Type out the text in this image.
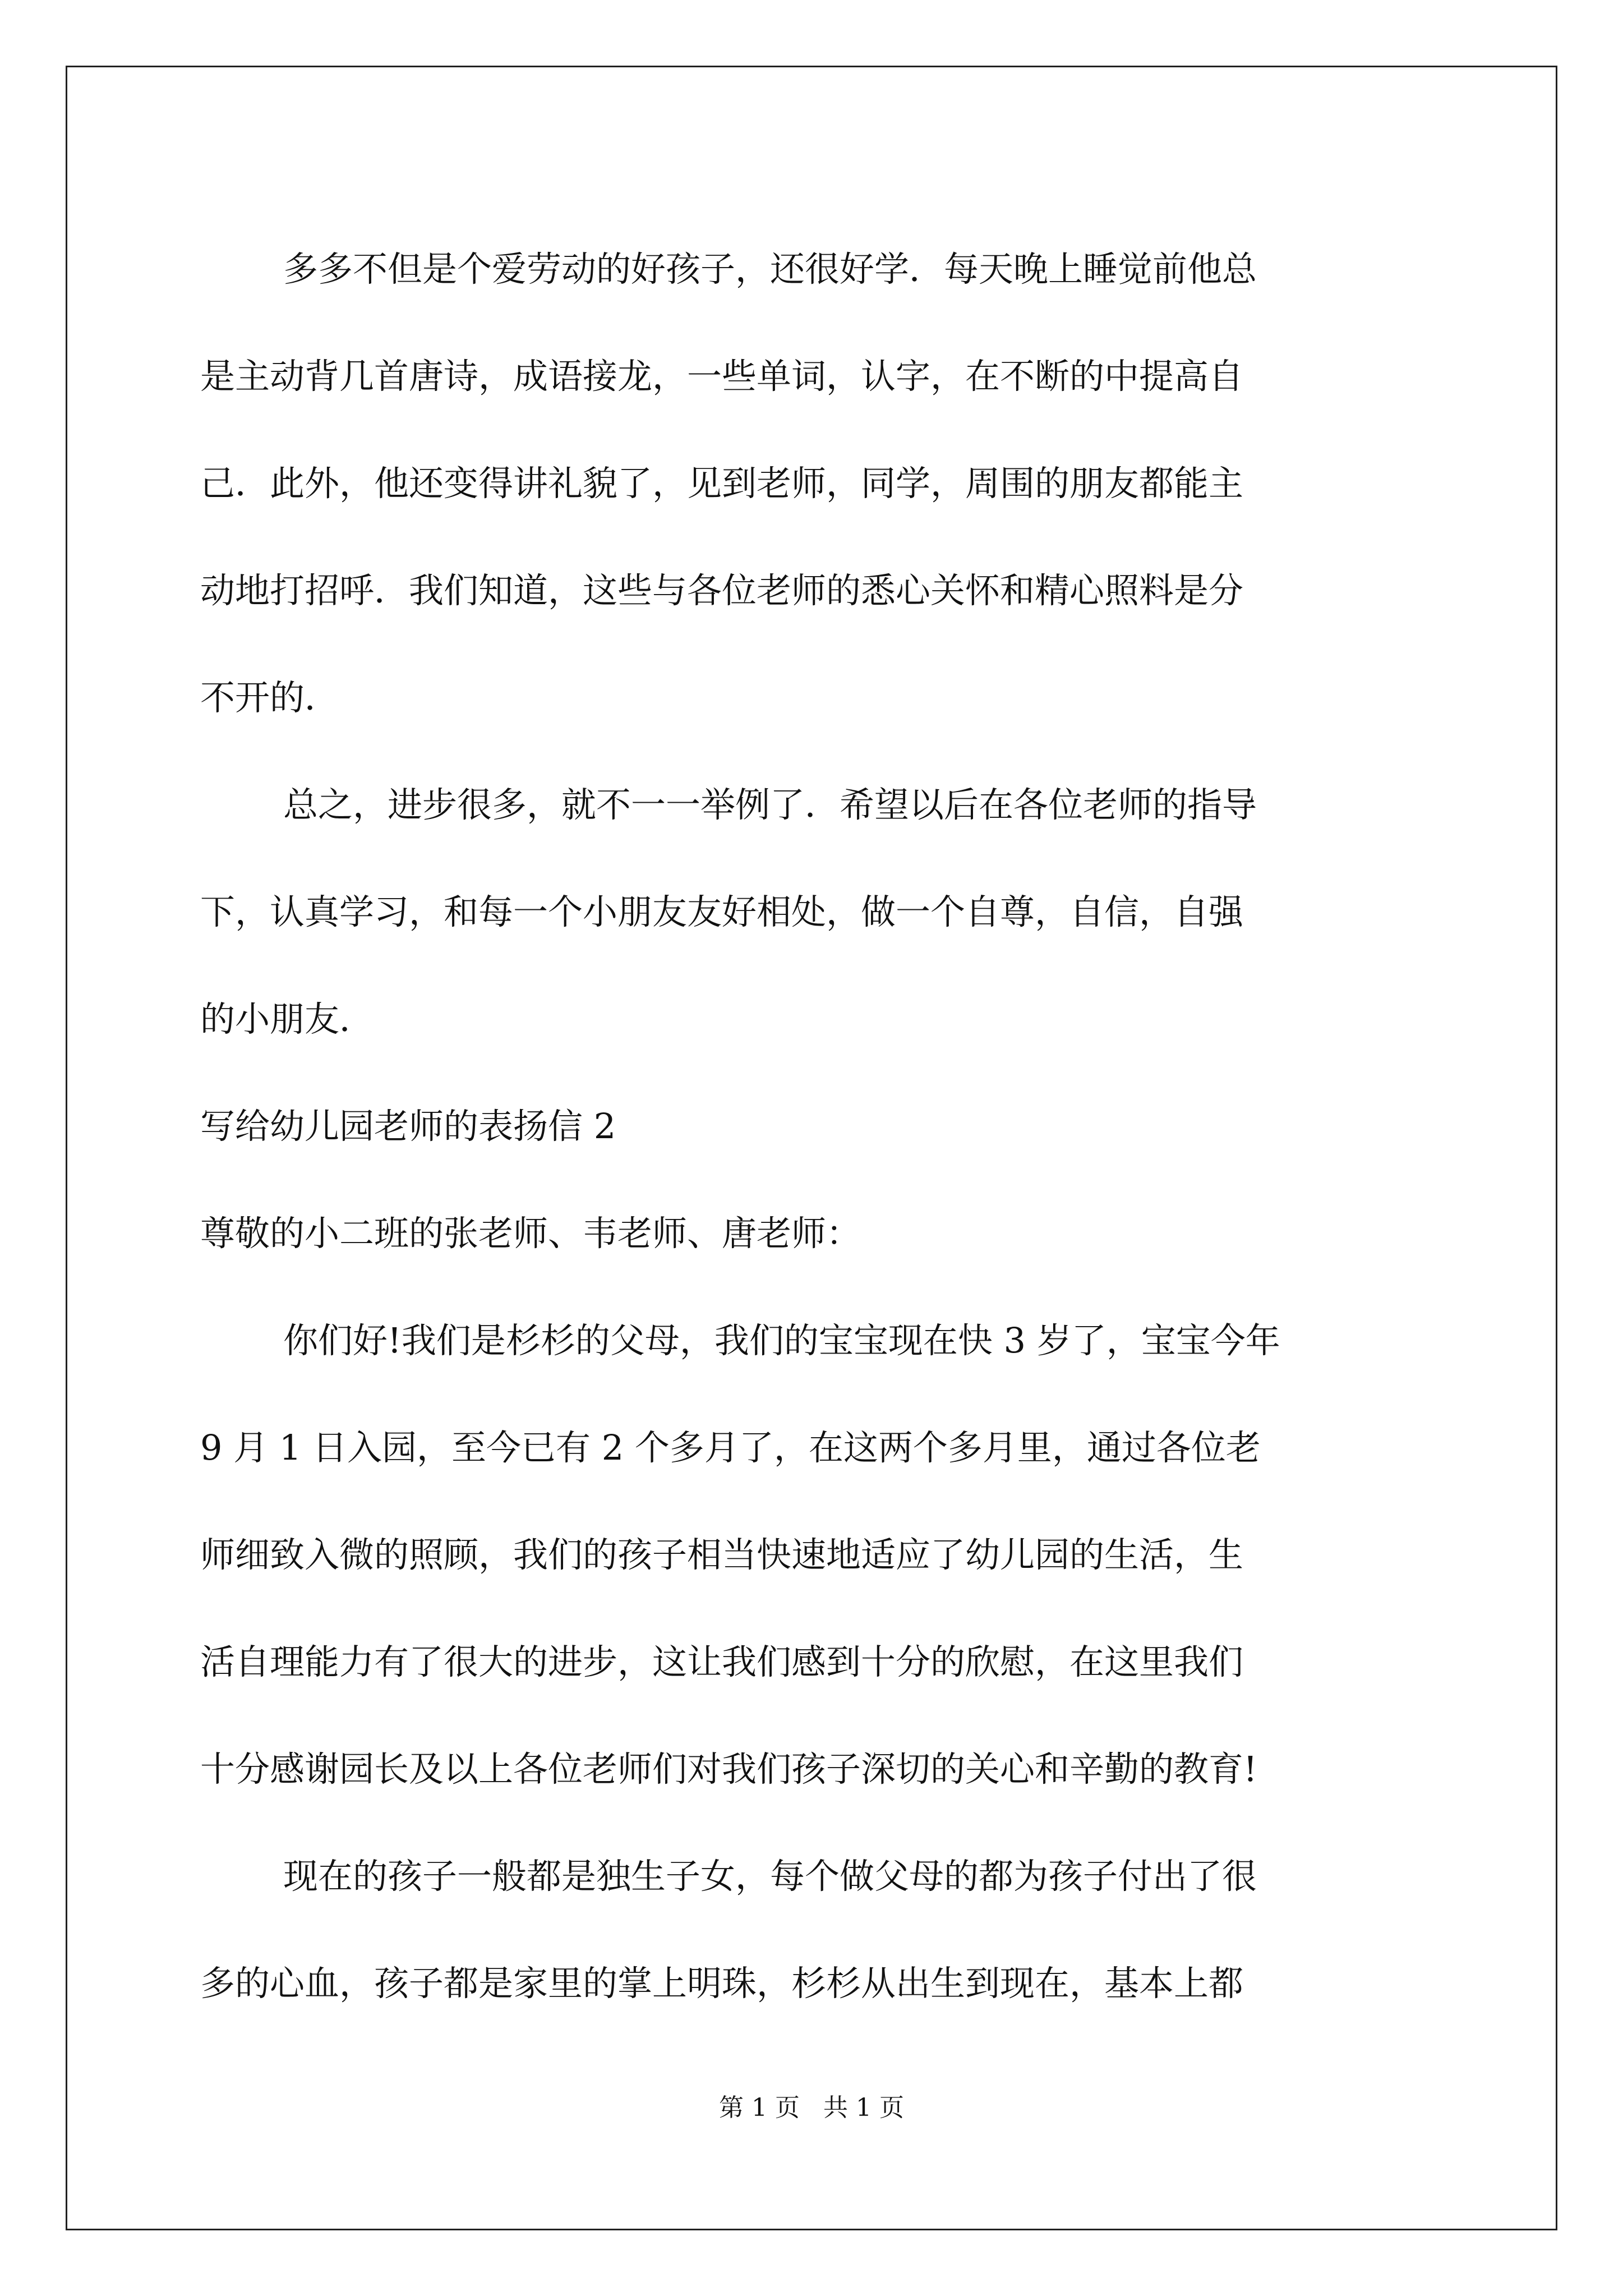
多多不但是个爱劳动的好孩子，还很好学．每天晚上睡觉前他总
是主动背几首唐诗，成语接龙，一些单词，认字，在不断的中提高自
己．此外，他还变得讲礼貌了，见到老师，同学，周围的朋友都能主
动地打招呼．我们知道，这些与各位老师的悉心关怀和精心照料是分
不开的．
总之，进步很多，就不一一举例了．希望以后在各位老师的指导
下，认真学习，和每一个小朋友友好相处，做一个自尊，自信，自强
的小朋友．
写给幼儿园老师的表扬信 2
尊敬的小二班的张老师、韦老师、唐老师：
你们好!我们是杉杉的父母，我们的宝宝现在快 3 岁了，宝宝今年
9 月 1 日入园，至今已有 2 个多月了，在这两个多月里，通过各位老
师细致入微的照顾，我们的孩子相当快速地适应了幼儿园的生活，生
活自理能力有了很大的进步，这让我们感到十分的欣慰，在这里我们
十分感谢园长及以上各位老师们对我们孩子深切的关心和辛勤的教育!
现在的孩子一般都是独生子女，每个做父母的都为孩子付出了很
多的心血，孩子都是家里的掌上明珠，杉杉从出生到现在，基本上都
第 1 页   共 1 页
